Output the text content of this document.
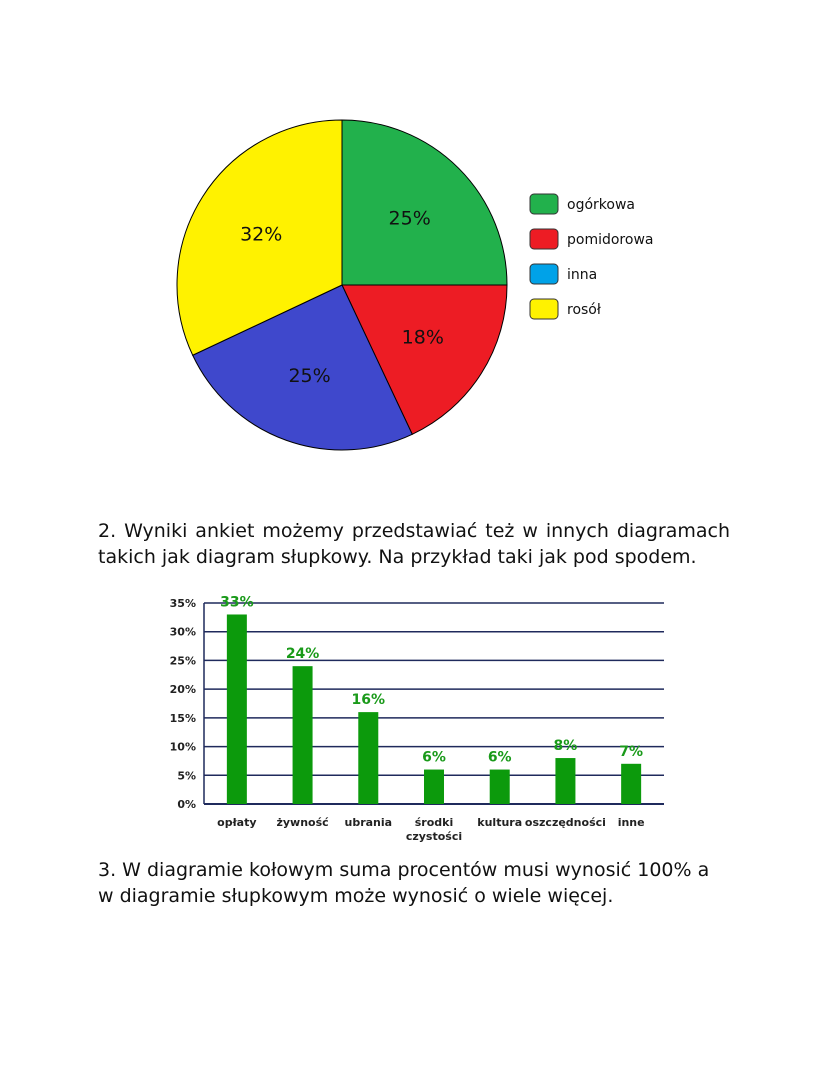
25%
18%
25%
32%
ogórkowa
pomidorowa
inna
rosół

2. Wyniki ankiet możemy przedstawiać też w innych diagramach takich jak diagram słupkowy. Na przykład taki jak pod spodem.

0%
5%
10%
15%
20%
25%
30%
35% 33%
opłaty
24%
żywność
16%
ubrania
6%
środki czystości
6%
kultura
8%
oszczędności
7%
inne

3. W diagramie kołowym suma procentów musi wynosić 100% a w diagramie słupkowym może wynosić o wiele więcej.
